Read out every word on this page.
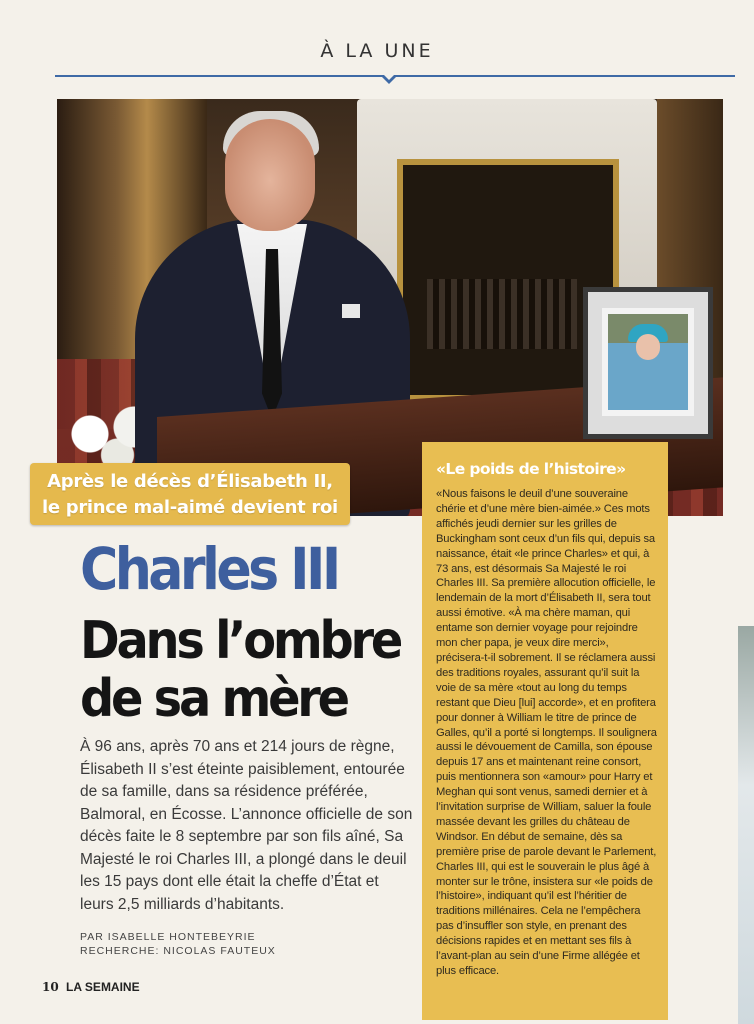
À LA UNE
«Le poids de l’histoire»
«Nous faisons le deuil d’une souveraine chérie et d’une mère bien-aimée.» Ces mots affichés jeudi dernier sur les grilles de Buckingham sont ceux d’un fils qui, depuis sa naissance, était «le prince Charles» et qui, à 73 ans, est désormais Sa Majesté le roi Charles III. Sa première allocution officielle, le lendemain de la mort d’Élisabeth II, sera tout aussi émotive. «À ma chère maman, qui entame son dernier voyage pour rejoindre mon cher papa, je veux dire merci», précisera-t-il sobrement. Il se réclamera aussi des traditions royales, assurant qu’il suit la voie de sa mère «tout au long du temps restant que Dieu [lui] accorde», et en profitera pour donner à William le titre de prince de Galles, qu’il a porté si longtemps. Il soulignera aussi le dévouement de Camilla, son épouse depuis 17 ans et maintenant reine consort, puis mentionnera son «amour» pour Harry et Meghan qui sont venus, samedi dernier et à l’invitation surprise de William, saluer la foule massée devant les grilles du château de Windsor. En début de semaine, dès sa première prise de parole devant le Parlement, Charles III, qui est le souverain le plus âgé à monter sur le trône, insistera sur «le poids de l’histoire», indiquant qu’il est l’héritier de traditions millénaires. Cela ne l’empêchera pas d’insuffler son style, en prenant des décisions rapides et en mettant ses fils à l’avant-plan au sein d’une Firme allégée et plus efficace.
Après le décès d’Élisabeth II,
le prince mal-aimé devient roi
Charles III
Dans l’ombre de sa mère
À 96 ans, après 70 ans et 214 jours de règne, Élisabeth II s’est éteinte paisiblement, entourée de sa famille, dans sa résidence préférée, Balmoral, en Écosse. L’annonce officielle de son décès faite le 8 septembre par son fils aîné, Sa Majesté le roi Charles III, a plongé dans le deuil les 15 pays dont elle était la cheffe d’État et leurs 2,5 milliards d’habitants.
PAR ISABELLE HONTEBEYRIE
RECHERCHE: NICOLAS FAUTEUX
10 LA SEMAINE
